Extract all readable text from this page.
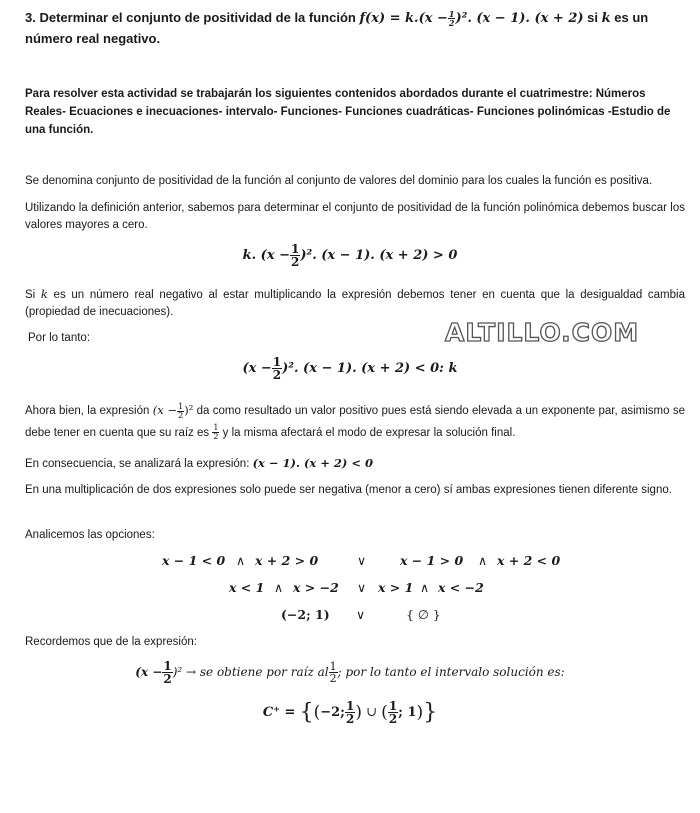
3. Determinar el conjunto de positividad de la función $f(x) = k.(x - \frac{1}{2} )^2$. (x − 1). (x + 2) si k es un número real negativo.
Para resolver esta actividad se trabajarán los siguientes contenidos abordados durante el cuatrimestre: Números Reales- Ecuaciones e inecuaciones- intervalo- Funciones- Funciones cuadráticas- Funciones polinómicas -Estudio de una función.
Se denomina conjunto de positividad de la función al conjunto de valores del dominio para los cuales la función es positiva.
Utilizando la definición anterior, sabemos para determinar el conjunto de positividad de la función polinómica debemos buscar los valores mayores a cero.
k. $(x - \frac{1}{2} )^2$. (x − 1). (x + 2) > 0
Si k es un número real negativo al estar multiplicando la expresión debemos tener en cuenta que la desigualdad cambia (propiedad de inecuaciones).
Por lo tanto:	ALTILLO.COM
$(x - \frac{1}{2} )^2$. (x − 1). (x + 2) < 0: k
Ahora bien, la expresión $(x - \frac{1}{2} )^2$ da como resultado un valor positivo pues está siendo elevada a un exponente par, asimismo se debe tener en cuenta que su raíz es $\frac{1}{2}$ y la misma afectará el modo de expresar la solución final.
En consecuencia, se analizará la expresión: (x − 1). (x + 2) < 0
En una multiplicación de dos expresiones solo puede ser negativa (menor a cero) sí ambas expresiones tienen diferente signo.
Analicemos las opciones:
x − 1 < 0 ∧ x + 2 > 0	∨	x − 1 > 0 ∧ x + 2 < 0
x < 1 ∧ x > −2 ∨ x > 1 ∧ x < −2
(−2; 1) ∨	{ ∅ }
Recordemos que de la expresión:
$(x - \frac{1}{2} )^2$ → se obtiene por raíz al $\frac{1}{2}$ ; por lo tanto el intervalo solución es:
C⁺ = {(−2; $\frac{1}{2}$ ) ∪ ( $\frac{1}{2}$ ; 1)}
